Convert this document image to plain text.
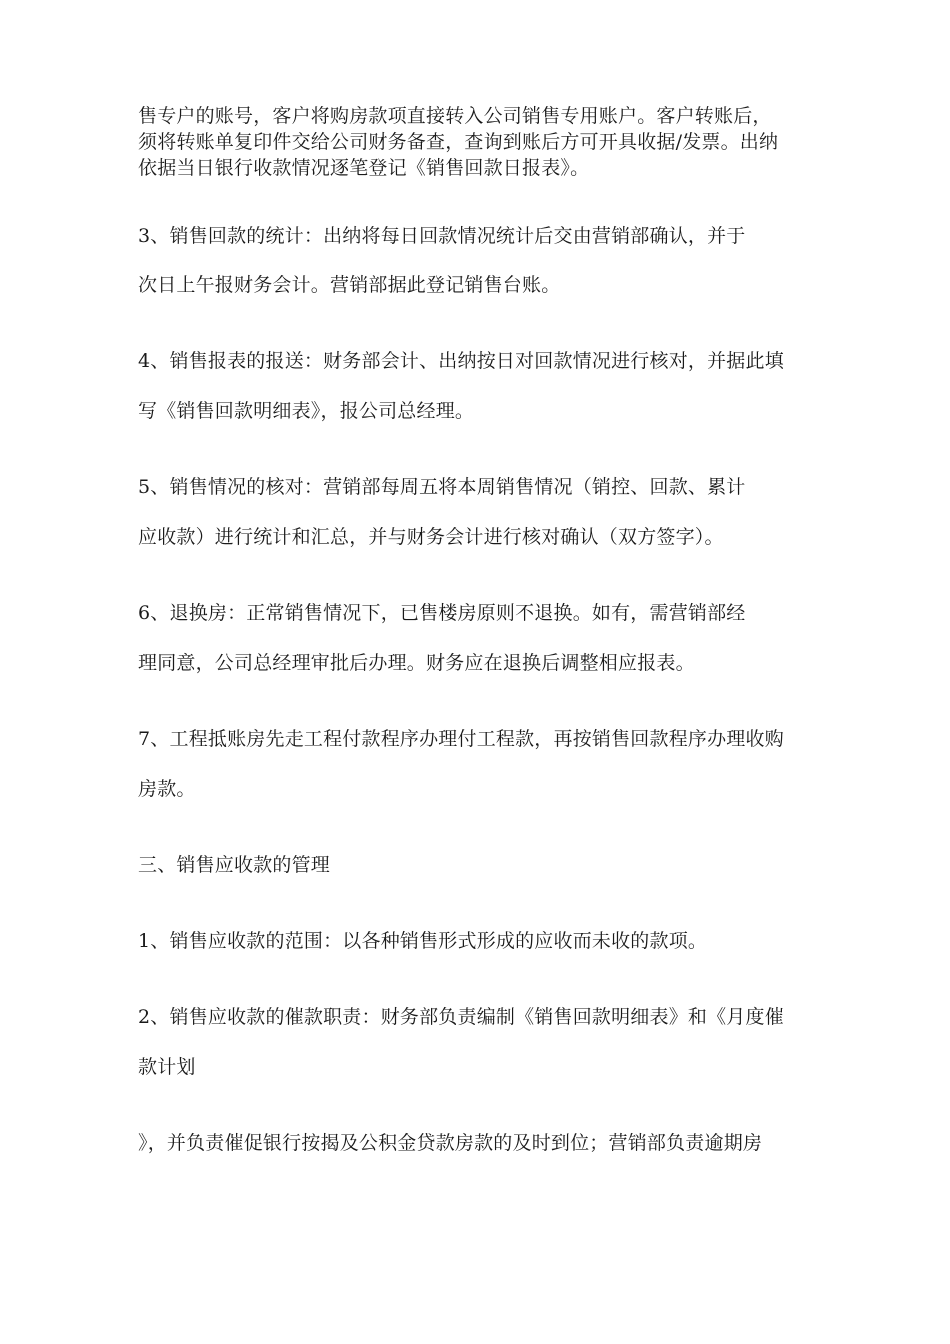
售专户的账号，客户将购房款项直接转入公司销售专用账户。客户转账后，
须将转账单复印件交给公司财务备查，查询到账后方可开具收据/发票。出纳
依据当日银行收款情况逐笔登记《销售回款日报表》。
3、销售回款的统计：出纳将每日回款情况统计后交由营销部确认，并于
次日上午报财务会计。营销部据此登记销售台账。
4、销售报表的报送：财务部会计、出纳按日对回款情况进行核对，并据此填
写《销售回款明细表》，报公司总经理。
5、销售情况的核对：营销部每周五将本周销售情况（销控、回款、累计
应收款）进行统计和汇总，并与财务会计进行核对确认（双方签字）。
6、退换房：正常销售情况下，已售楼房原则不退换。如有，需营销部经
理同意，公司总经理审批后办理。财务应在退换后调整相应报表。
7、工程抵账房先走工程付款程序办理付工程款，再按销售回款程序办理收购
房款。
三、销售应收款的管理
1、销售应收款的范围：以各种销售形式形成的应收而未收的款项。
2、销售应收款的催款职责：财务部负责编制《销售回款明细表》和《月度催
款计划
》，并负责催促银行按揭及公积金贷款房款的及时到位；营销部负责逾期房
